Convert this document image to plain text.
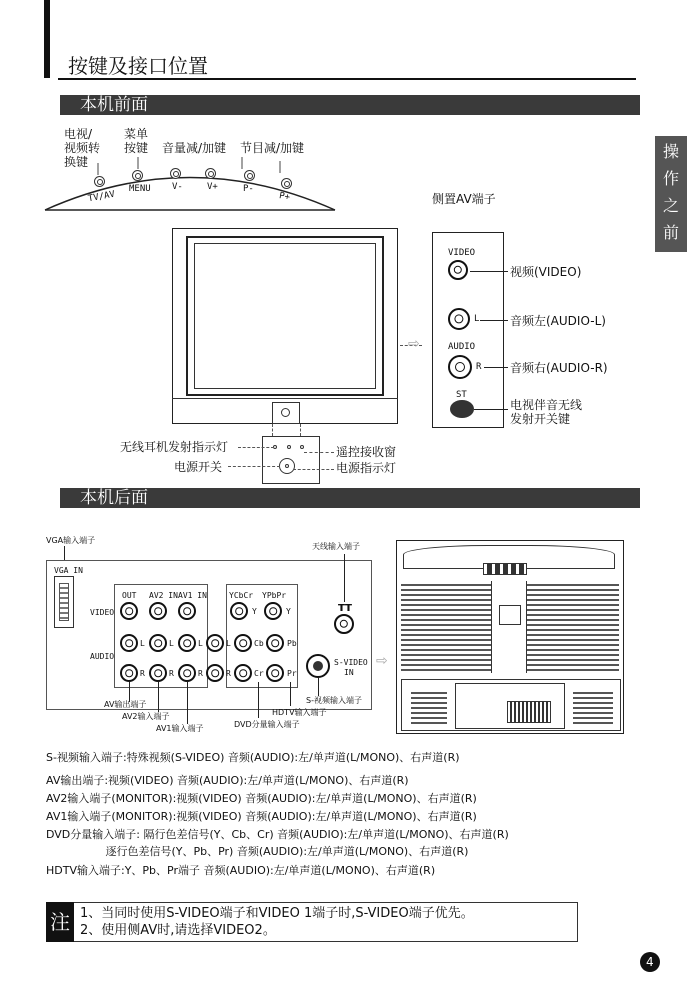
按键及接口位置
操
作
之
前
本机前面
电视/
视频转
换键
菜单
按键 音量减/加键 节目减/加键
TV/AV
MENU V-	V+	P-
P+
⇨
侧置AV端子
VIDEO
L
AUDIO
R
ST
视频(VIDEO)
音频左(AUDIO-L)
音频右(AUDIO-R)
电视伴音无线
发射开关键
无线耳机发射指示灯
电源开关
遥控接收窗
电源指示灯
本机后面
VGA输入端子
VGA IN
OUT AV2 IN AV1 IN	YCbCr YPbPr
VIDEO
AUDIO
Y	Y
L	L	L	L	Cb	Pb
R	R	R	R	Cr	Pr
天线输入端子
ᴛᴛ
S-VIDEO
IN
AV输出端子
AV2输入端子
AV1输入端子	DVD分量输入端子
HDTV输入端子
S-视频输入端子
⇨
S-视频输入端子:特殊视频(S-VIDEO) 音频(AUDIO):左/单声道(L/MONO)、右声道(R)
AV输出端子:视频(VIDEO) 音频(AUDIO):左/单声道(L/MONO)、右声道(R)
AV2输入端子(MONITOR):视频(VIDEO) 音频(AUDIO):左/单声道(L/MONO)、右声道(R)
AV1输入端子(MONITOR):视频(VIDEO) 音频(AUDIO):左/单声道(L/MONO)、右声道(R)
DVD分量输入端子: 隔行色差信号(Y、Cb、Cr) 音频(AUDIO):左/单声道(L/MONO)、右声道(R)
逐行色差信号(Y、Pb、Pr) 音频(AUDIO):左/单声道(L/MONO)、右声道(R)
HDTV输入端子:Y、Pb、Pr端子 音频(AUDIO):左/单声道(L/MONO)、右声道(R)
注 1、当同时使用S-VIDEO端子和VIDEO 1端子时,S-VIDEO端子优先。
2、使用侧AV时,请选择VIDEO2。
4
